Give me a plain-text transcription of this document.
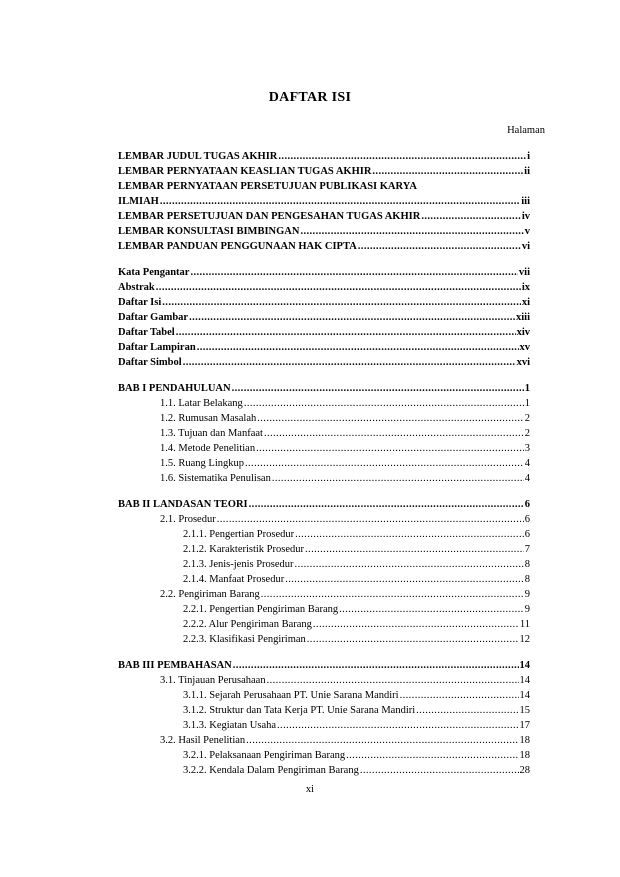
DAFTAR ISI
Halaman
LEMBAR JUDUL TUGAS AKHIR .....	i
LEMBAR PERNYATAAN KEASLIAN TUGAS AKHIR .....	ii
LEMBAR PERNYATAAN PERSETUJUAN PUBLIKASI KARYA
ILMIAH .....	iii
LEMBAR PERSETUJUAN DAN PENGESAHAN TUGAS AKHIR .....	iv
LEMBAR KONSULTASI BIMBINGAN .....	v
LEMBAR PANDUAN PENGGUNAAN HAK CIPTA .....	vi
Kata Pengantar .....	vii
Abstrak .....	ix
Daftar Isi .....	xi
Daftar Gambar .....	xiii
Daftar Tabel .....	xiv
Daftar Lampiran .....	xv
Daftar Simbol .....	xvi
BAB I PENDAHULUAN .....	1
1.1. Latar Belakang .....	1
1.2. Rumusan Masalah .....	2
1.3. Tujuan dan Manfaat .....	2
1.4. Metode Penelitian .....	3
1.5. Ruang Lingkup .....	4
1.6. Sistematika Penulisan .....	4
BAB II LANDASAN TEORI .....	6
2.1. Prosedur .....	6
2.1.1. Pengertian Prosedur .....	6
2.1.2. Karakteristik Prosedur .....	7
2.1.3. Jenis-jenis Prosedur .....	8
2.1.4. Manfaat Prosedur .....	8
2.2. Pengiriman Barang .....	9
2.2.1. Pengertian Pengiriman Barang .....	9
2.2.2. Alur Pengiriman Barang .....	11
2.2.3. Klasifikasi Pengiriman .....	12
BAB III PEMBAHASAN .....	14
3.1. Tinjauan Perusahaan .....	14
3.1.1. Sejarah Perusahaan PT. Unie Sarana Mandiri .....	14
3.1.2. Struktur dan Tata Kerja PT. Unie Sarana Mandiri .....	15
3.1.3. Kegiatan Usaha .....	17
3.2. Hasil Penelitian .....	18
3.2.1. Pelaksanaan Pengiriman Barang .....	18
3.2.2. Kendala Dalam Pengiriman Barang .....	28
xi
